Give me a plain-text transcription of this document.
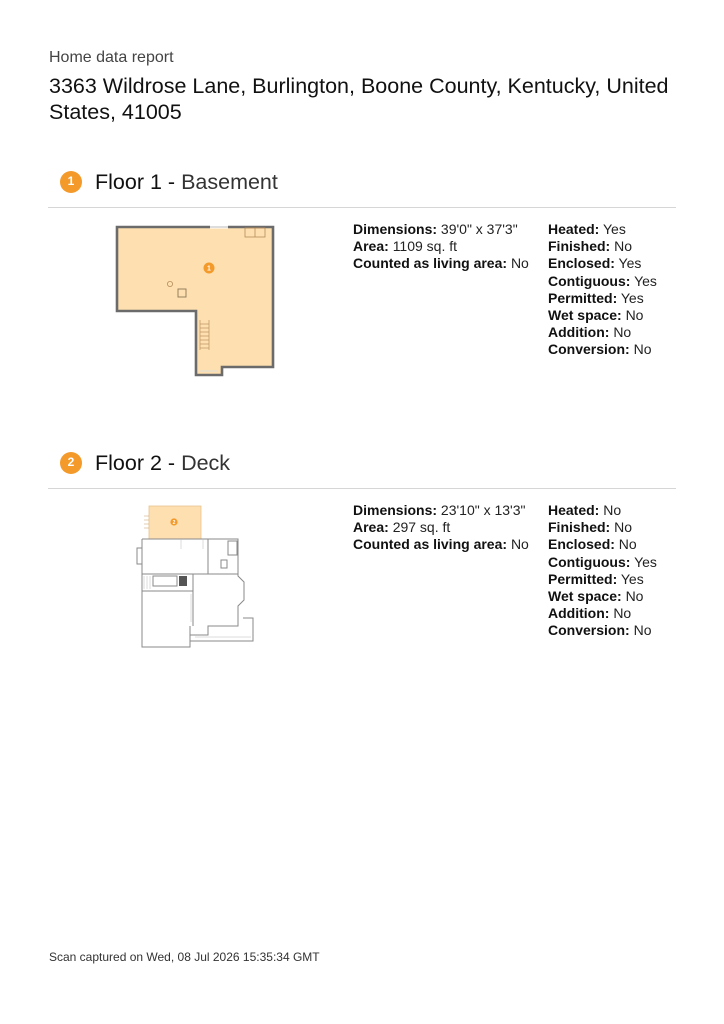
Home data report
3363 Wildrose Lane, Burlington, Boone County, Kentucky, United States, 41005
1 Floor 1 - Basement
1
Dimensions: 39'0" x 37'3"
Area: 1109 sq. ft
Counted as living area: No
Heated: Yes
Finished: No
Enclosed: Yes
Contiguous: Yes
Permitted: Yes
Wet space: No
Addition: No
Conversion: No
2 Floor 2 - Deck
2
Dimensions: 23'10" x 13'3"
Area: 297 sq. ft
Counted as living area: No
Heated: No
Finished: No
Enclosed: No
Contiguous: Yes
Permitted: Yes
Wet space: No
Addition: No
Conversion: No
Scan captured on Wed, 08 Jul 2026 15:35:34 GMT
